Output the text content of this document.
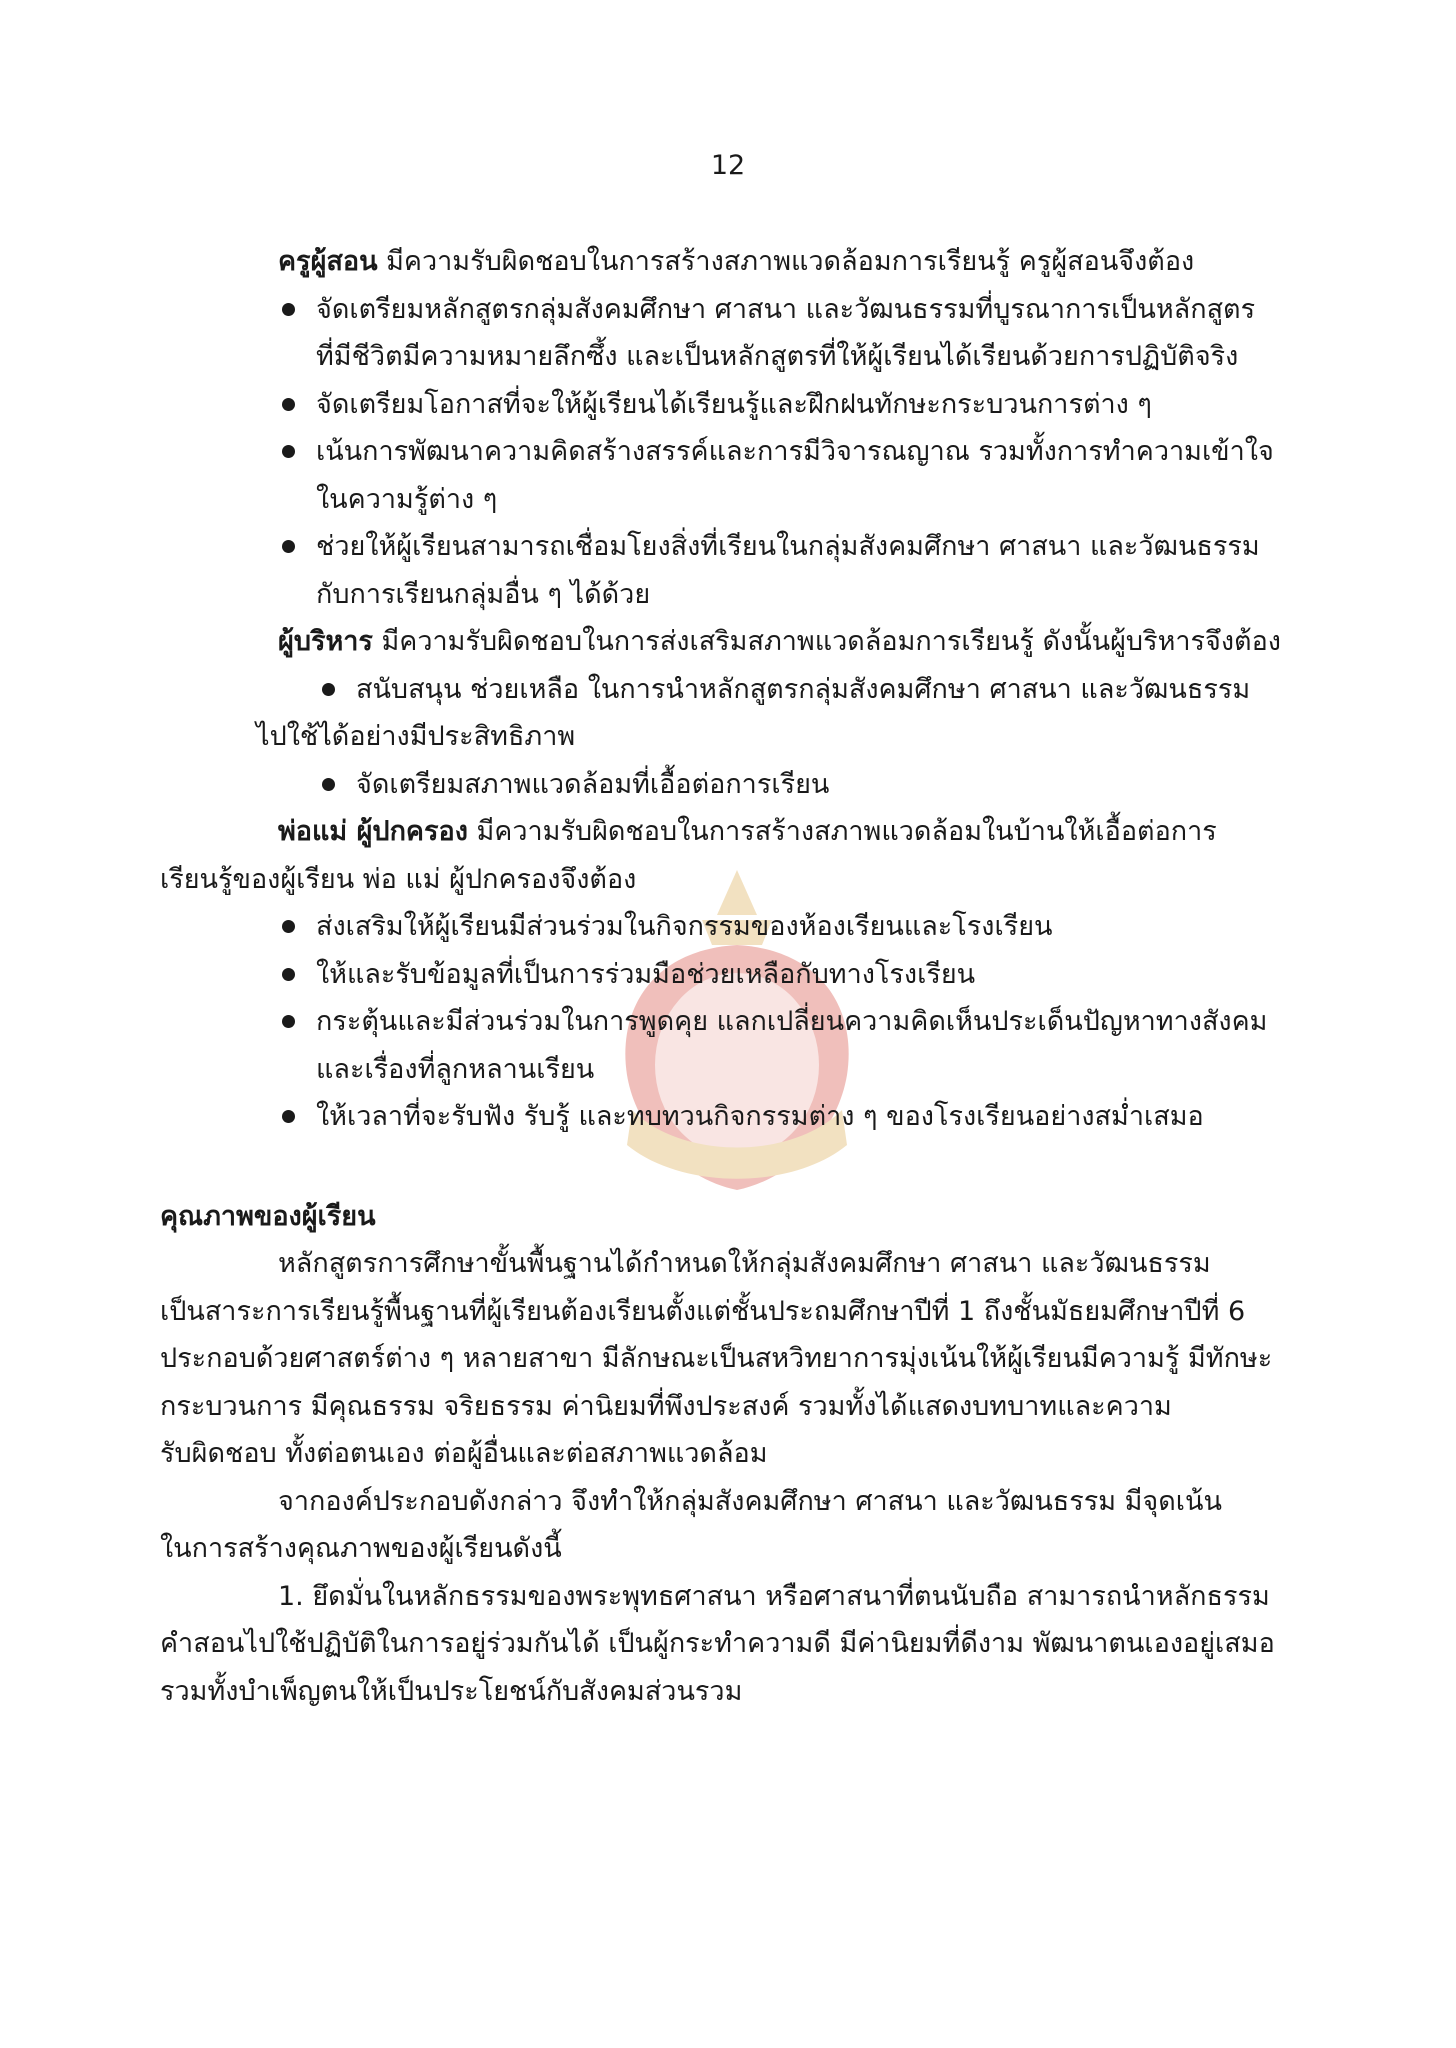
12

ครูผู้สอน มีความรับผิดชอบในการสร้างสภาพแวดล้อมการเรียนรู้ ครูผู้สอนจึงต้อง

จัดเตรียมหลักสูตรกลุ่มสังคมศึกษา ศาสนา และวัฒนธรรมที่บูรณาการเป็นหลักสูตร
ที่มีชีวิตมีความหมายลึกซึ้ง และเป็นหลักสูตรที่ให้ผู้เรียนได้เรียนด้วยการปฏิบัติจริง
จัดเตรียมโอกาสที่จะให้ผู้เรียนได้เรียนรู้และฝึกฝนทักษะกระบวนการต่าง ๆ
เน้นการพัฒนาความคิดสร้างสรรค์และการมีวิจารณญาณ รวมทั้งการทำความเข้าใจ
ในความรู้ต่าง ๆ
ช่วยให้ผู้เรียนสามารถเชื่อมโยงสิ่งที่เรียนในกลุ่มสังคมศึกษา ศาสนา และวัฒนธรรม
กับการเรียนกลุ่มอื่น ๆ ได้ด้วย

ผู้บริหาร มีความรับผิดชอบในการส่งเสริมสภาพแวดล้อมการเรียนรู้ ดังนั้นผู้บริหารจึงต้อง

สนับสนุน ช่วยเหลือ ในการนำหลักสูตรกลุ่มสังคมศึกษา ศาสนา และวัฒนธรรม
ไปใช้ได้อย่างมีประสิทธิภาพ
จัดเตรียมสภาพแวดล้อมที่เอื้อต่อการเรียน

พ่อแม่ ผู้ปกครอง มีความรับผิดชอบในการสร้างสภาพแวดล้อมในบ้านให้เอื้อต่อการ

เรียนรู้ของผู้เรียน พ่อ แม่ ผู้ปกครองจึงต้อง

ส่งเสริมให้ผู้เรียนมีส่วนร่วมในกิจกรรมของห้องเรียนและโรงเรียน
ให้และรับข้อมูลที่เป็นการร่วมมือช่วยเหลือกับทางโรงเรียน
กระตุ้นและมีส่วนร่วมในการพูดคุย แลกเปลี่ยนความคิดเห็นประเด็นปัญหาทางสังคม
และเรื่องที่ลูกหลานเรียน
ให้เวลาที่จะรับฟัง รับรู้ และทบทวนกิจกรรมต่าง ๆ ของโรงเรียนอย่างสม่ำเสมอ

คุณภาพของผู้เรียน

หลักสูตรการศึกษาขั้นพื้นฐานได้กำหนดให้กลุ่มสังคมศึกษา ศาสนา และวัฒนธรรม

เป็นสาระการเรียนรู้พื้นฐานที่ผู้เรียนต้องเรียนตั้งแต่ชั้นประถมศึกษาปีที่ 1 ถึงชั้นมัธยมศึกษาปีที่ 6

ประกอบด้วยศาสตร์ต่าง ๆ หลายสาขา มีลักษณะเป็นสหวิทยาการมุ่งเน้นให้ผู้เรียนมีความรู้ มีทักษะ

กระบวนการ มีคุณธรรม จริยธรรม ค่านิยมที่พึงประสงค์ รวมทั้งได้แสดงบทบาทและความ

รับผิดชอบ ทั้งต่อตนเอง ต่อผู้อื่นและต่อสภาพแวดล้อม

จากองค์ประกอบดังกล่าว จึงทำให้กลุ่มสังคมศึกษา ศาสนา และวัฒนธรรม มีจุดเน้น

ในการสร้างคุณภาพของผู้เรียนดังนี้

1. ยึดมั่นในหลักธรรมของพระพุทธศาสนา หรือศาสนาที่ตนนับถือ สามารถนำหลักธรรม

คำสอนไปใช้ปฏิบัติในการอยู่ร่วมกันได้ เป็นผู้กระทำความดี มีค่านิยมที่ดีงาม พัฒนาตนเองอยู่เสมอ

รวมทั้งบำเพ็ญตนให้เป็นประโยชน์กับสังคมส่วนรวม
